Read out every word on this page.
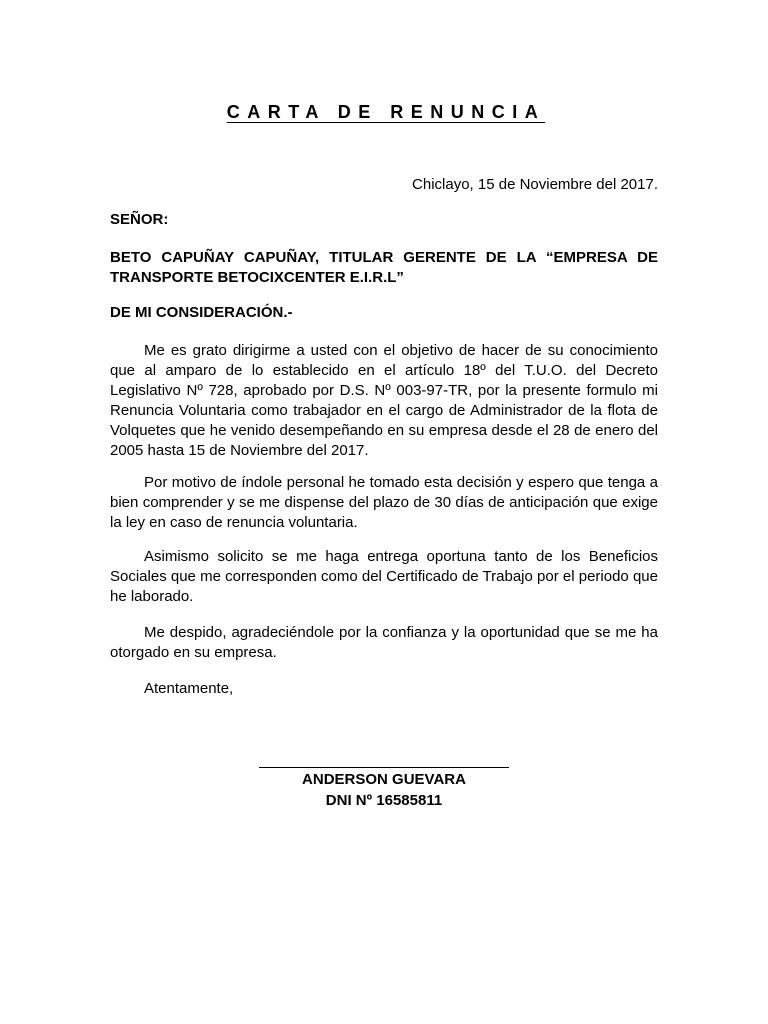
CARTA DE RENUNCIA
Chiclayo, 15 de Noviembre del 2017.
SEÑOR:
BETO CAPUÑAY CAPUÑAY, TITULAR GERENTE DE LA “EMPRESA DE TRANSPORTE BETOCIXCENTER E.I.R.L”
DE MI CONSIDERACIÓN.-

Me es grato dirigirme a usted con el objetivo de hacer de su conocimiento que al amparo de lo establecido en el artículo 18º del T.U.O. del Decreto Legislativo Nº 728, aprobado por D.S. Nº 003-97-TR, por la presente formulo mi Renuncia Voluntaria como trabajador en el cargo de Administrador de la flota de Volquetes que he venido desempeñando en su empresa desde el 28 de enero del 2005 hasta 15 de Noviembre del 2017.

Por motivo de índole personal he tomado esta decisión y espero que tenga a bien comprender y se me dispense del plazo de 30 días de anticipación que exige la ley en caso de renuncia voluntaria.

Asimismo solicito se me haga entrega oportuna tanto de los Beneficios Sociales que me corresponden como del Certificado de Trabajo por el periodo que he laborado.

Me despido, agradeciéndole por la confianza y la oportunidad que se me ha otorgado en su empresa.

Atentamente,
ANDERSON GUEVARA
DNI Nº 16585811
